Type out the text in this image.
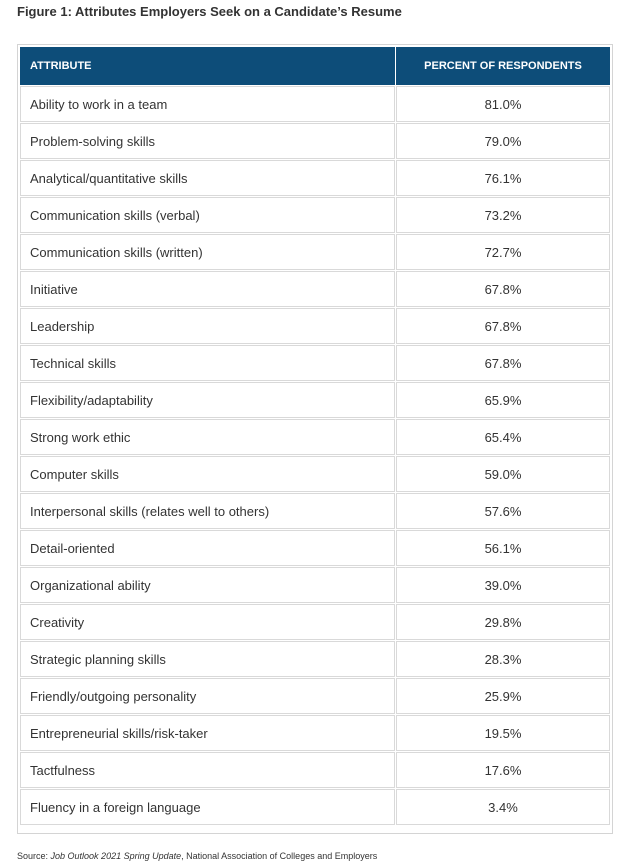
Figure 1: Attributes Employers Seek on a Candidate’s Resume
ATTRIBUTE	PERCENT OF RESPONDENTS
Ability to work in a team	81.0%
Problem-solving skills	79.0%
Analytical/quantitative skills	76.1%
Communication skills (verbal)	73.2%
Communication skills (written)	72.7%
Initiative	67.8%
Leadership	67.8%
Technical skills	67.8%
Flexibility/adaptability	65.9%
Strong work ethic	65.4%
Computer skills	59.0%
Interpersonal skills (relates well to others)	57.6%
Detail-oriented	56.1%
Organizational ability	39.0%
Creativity	29.8%
Strategic planning skills	28.3%
Friendly/outgoing personality	25.9%
Entrepreneurial skills/risk-taker	19.5%
Tactfulness	17.6%
Fluency in a foreign language	3.4%
Source: Job Outlook 2021 Spring Update, National Association of Colleges and Employers
